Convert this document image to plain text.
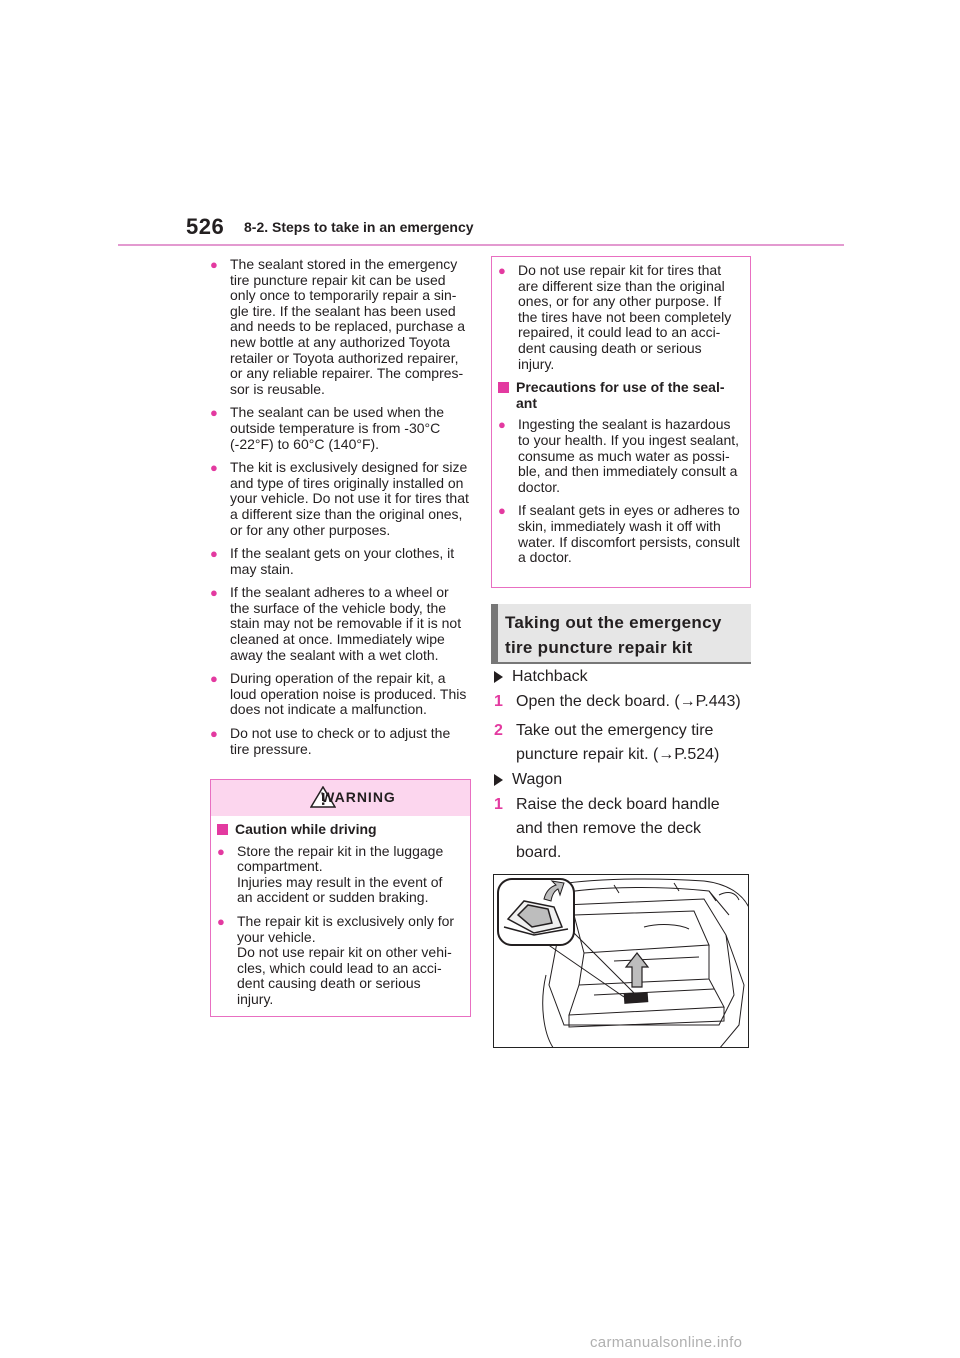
526 8-2. Steps to take in an emergency
● The sealant stored in the emergency
tire puncture repair kit can be used
only once to temporarily repair a sin-
gle tire. If the sealant has been used
and needs to be replaced, purchase a
new bottle at any authorized Toyota
retailer or Toyota authorized repairer,
or any reliable repairer. The compres-
sor is reusable.
● The sealant can be used when the
outside temperature is from -30°C
(-22°F) to 60°C (140°F).
● The kit is exclusively designed for size
and type of tires originally installed on
your vehicle. Do not use it for tires that
a different size than the original ones,
or for any other purposes.
● If the sealant gets on your clothes, it
may stain.
● If the sealant adheres to a wheel or
the surface of the vehicle body, the
stain may not be removable if it is not
cleaned at once. Immediately wipe
away the sealant with a wet cloth.
● During operation of the repair kit, a
loud operation noise is produced. This
does not indicate a malfunction.
● Do not use to check or to adjust the
tire pressure.
WARNING
Caution while driving
● Store the repair kit in the luggage
compartment.
Injuries may result in the event of
an accident or sudden braking.
● The repair kit is exclusively only for
your vehicle.
Do not use repair kit on other vehi-
cles, which could lead to an acci-
dent causing death or serious
injury.
● Do not use repair kit for tires that
are different size than the original
ones, or for any other purpose. If
the tires have not been completely
repaired, it could lead to an acci-
dent causing death or serious
injury.
Precautions for use of the seal-
ant
● Ingesting the sealant is hazardous
to your health. If you ingest sealant,
consume as much water as possi-
ble, and then immediately consult a
doctor.
● If sealant gets in eyes or adheres to
skin, immediately wash it off with
water. If discomfort persists, consult
a doctor.
Taking out the emergency
tire puncture repair kit
Hatchback
1 Open the deck board. (→P.443)
2 Take out the emergency tire
puncture repair kit. (→P.524)
Wagon
1 Raise the deck board handle
and then remove the deck
board.
carmanualsonline.info
